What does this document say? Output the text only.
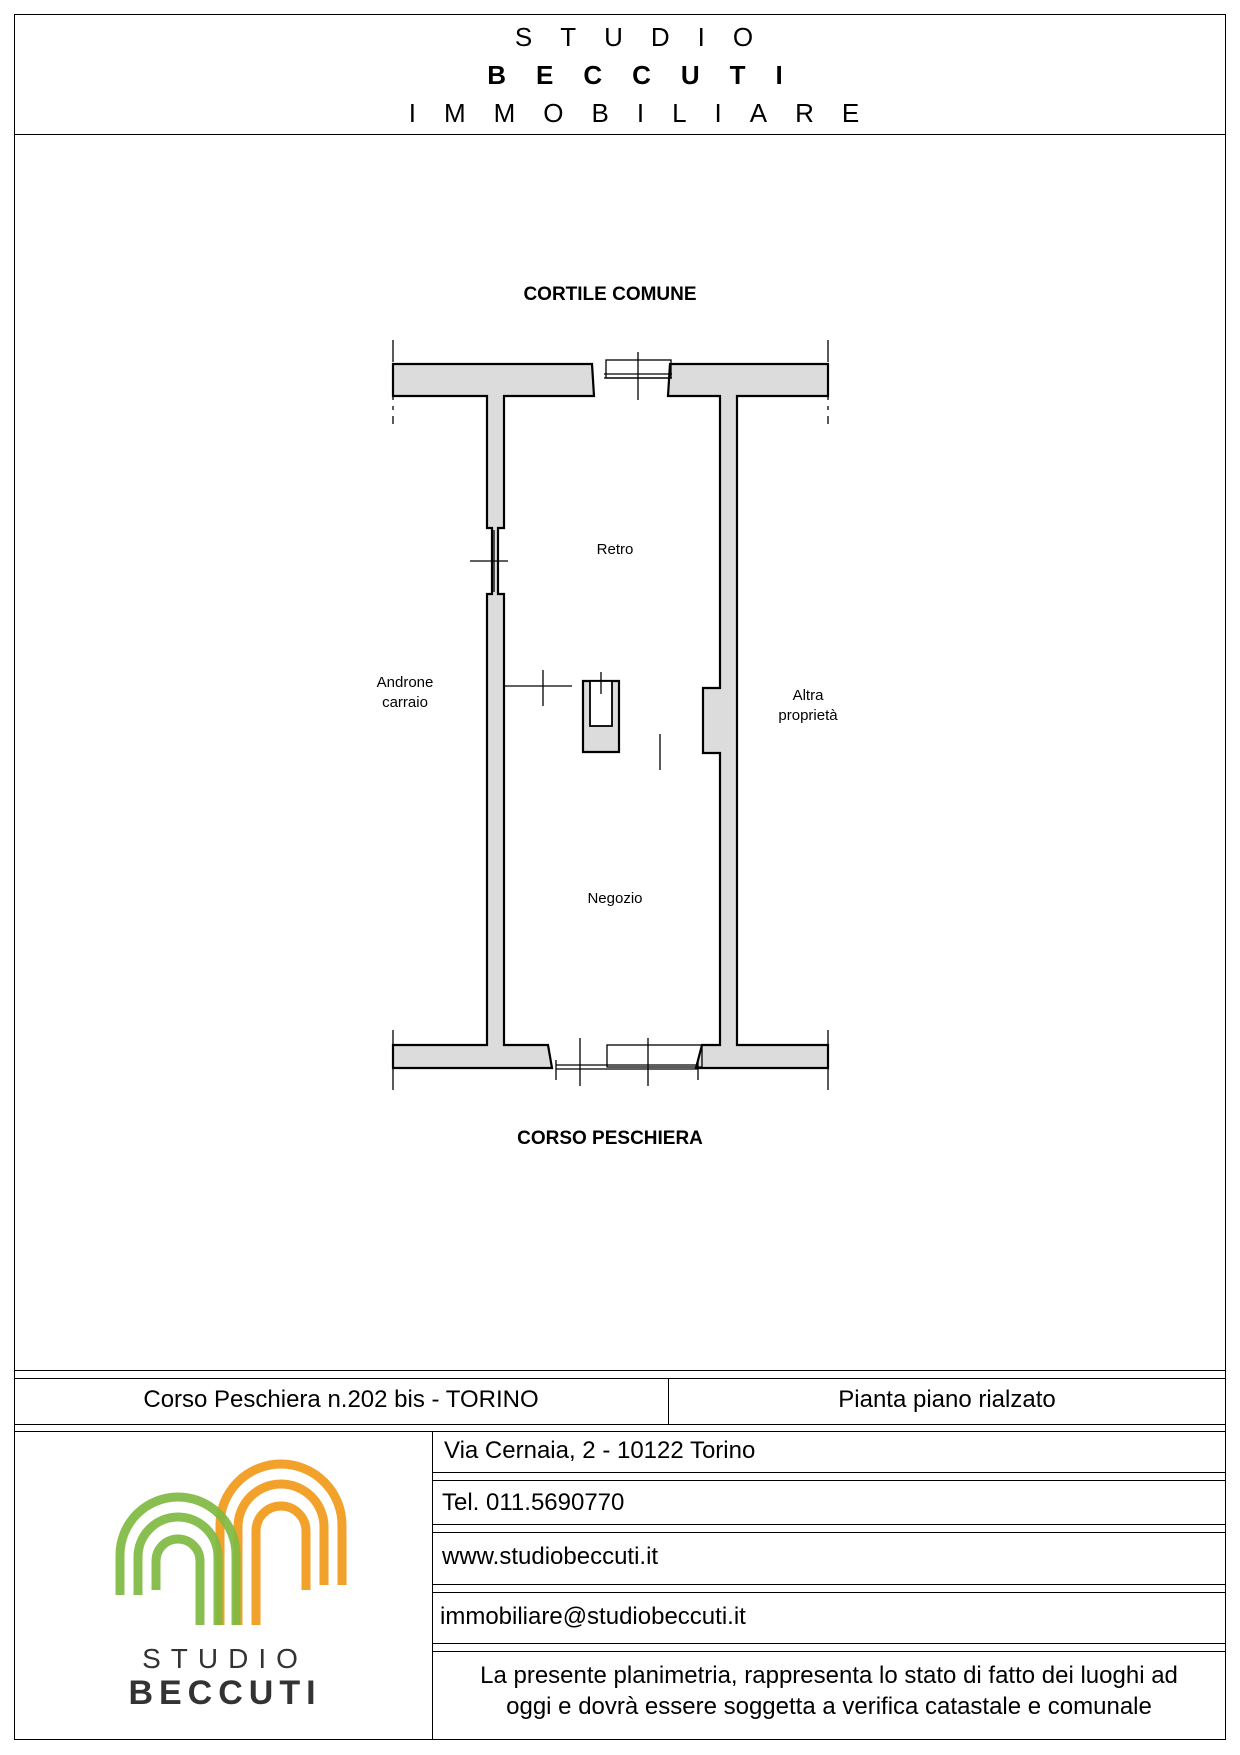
STUDIO
BECCUTI
IMMOBILIARE
CORTILE COMUNE
CORSO PESCHIERA
Retro
Negozio
Androne
carraio	Altra
proprietà
Corso Peschiera n.202 bis - TORINO	Pianta piano rialzato
Via Cernaia, 2 - 10122 Torino
Tel. 011.5690770
www.studiobeccuti.it
immobiliare@studiobeccuti.it
La presente planimetria, rappresenta lo stato di fatto dei luoghi ad
oggi e dovrà essere soggetta a verifica catastale e comunale
STUDIO
BECCUTI
